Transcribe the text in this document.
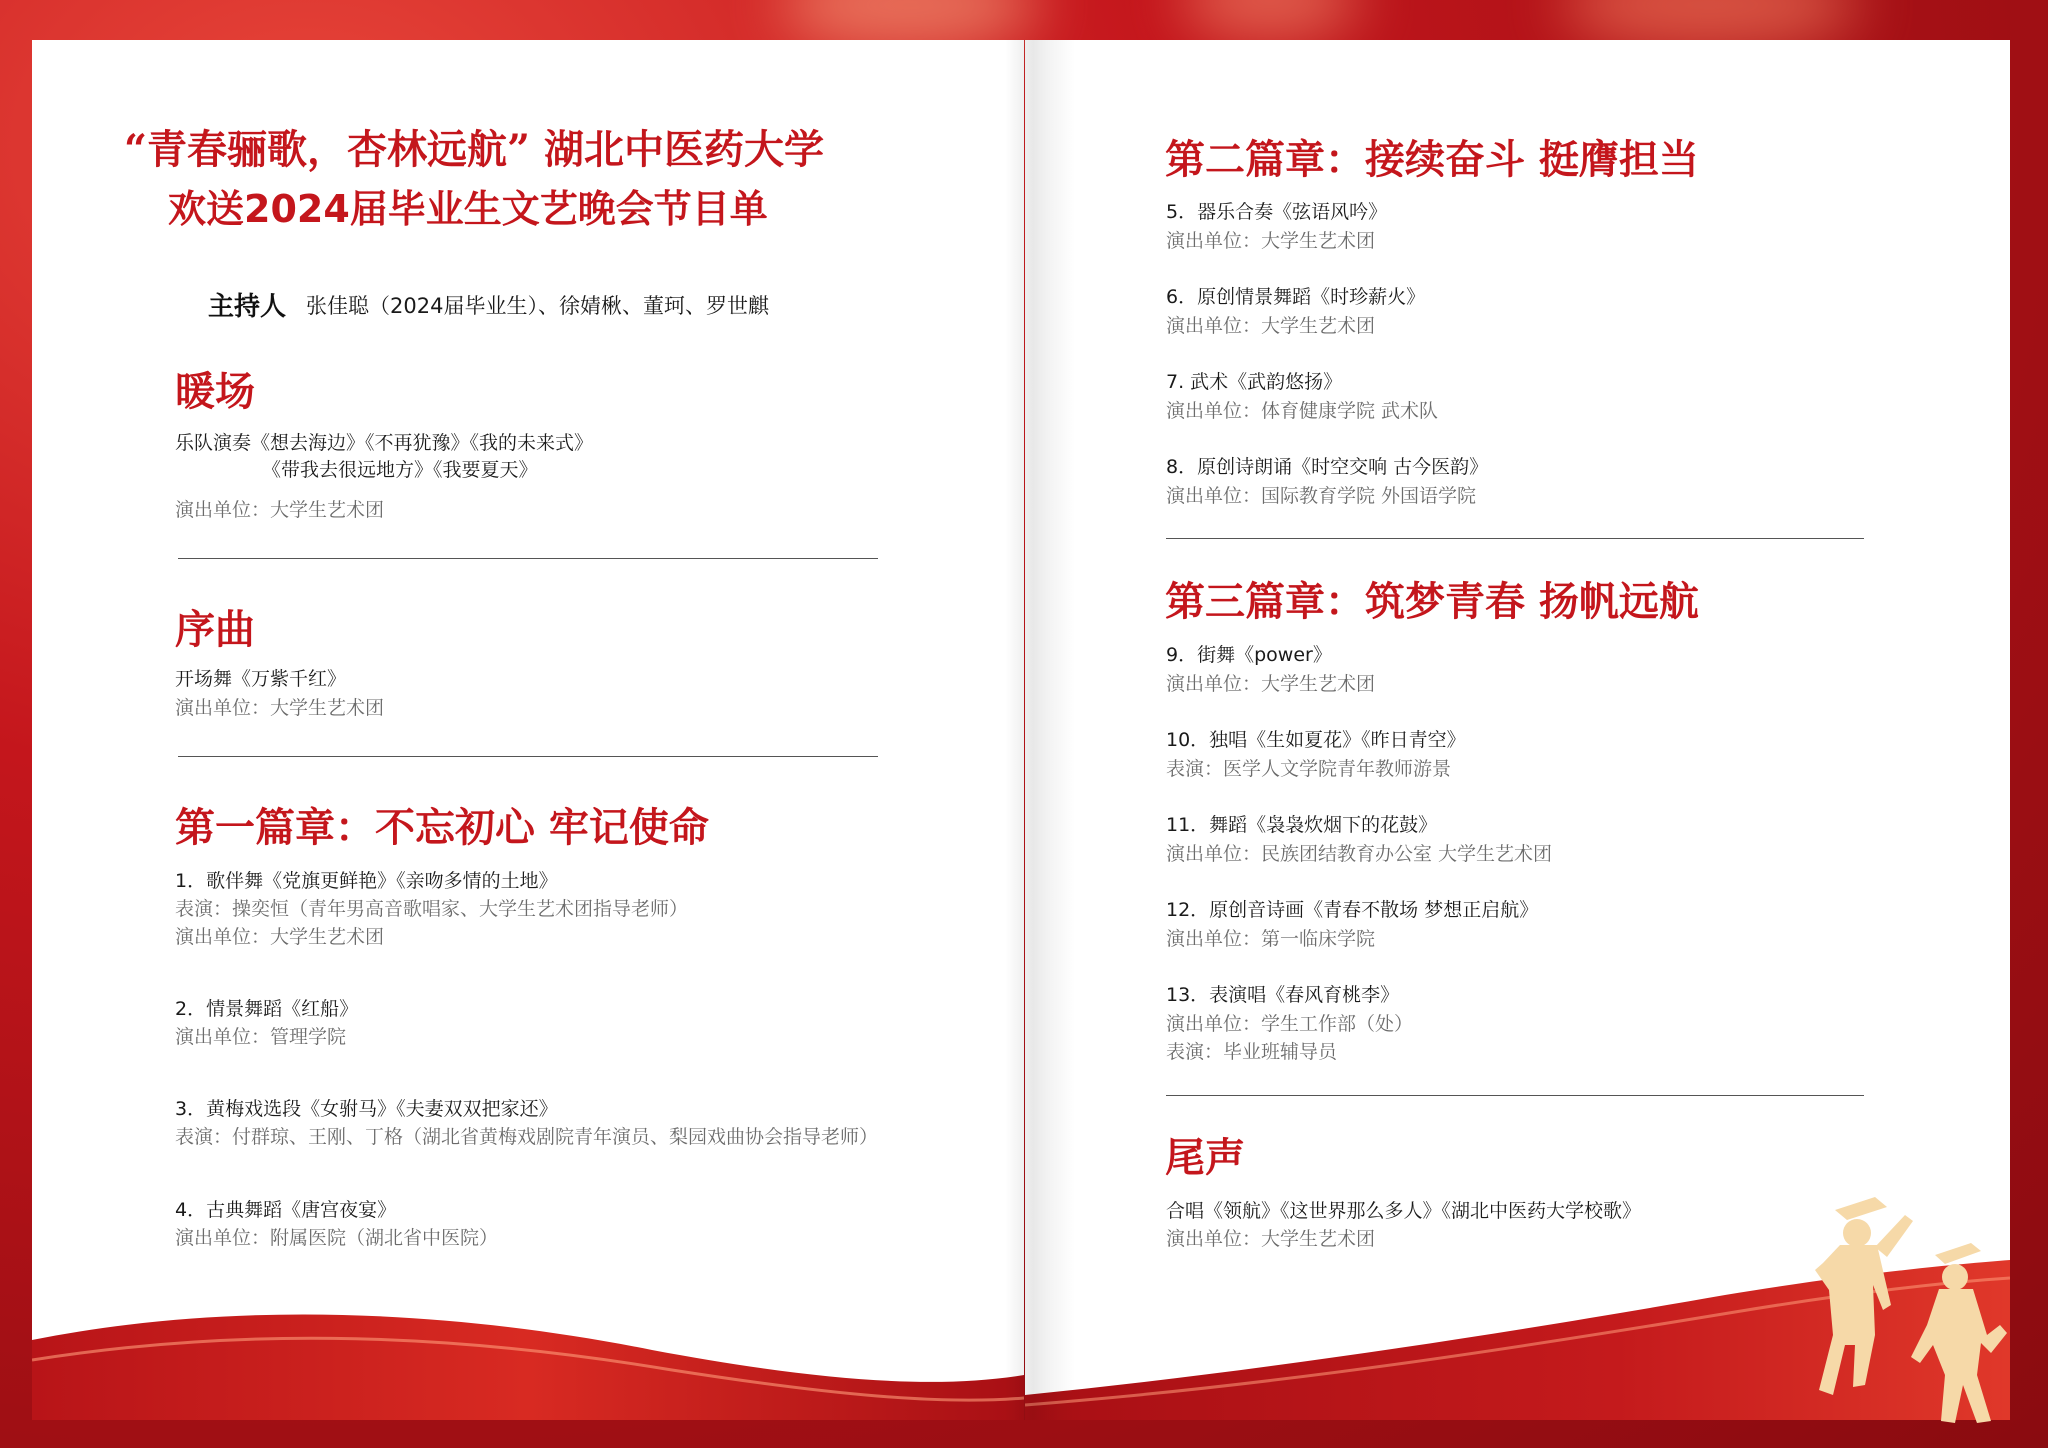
“青春骊歌，杏林远航” 湖北中医药大学
欢送2024届毕业生文艺晚会节目单
主持人 张佳聪（2024届毕业生）、徐婧楸、董珂、罗世麒
暖场
乐队演奏《想去海边》《不再犹豫》《我的未来式》
《带我去很远地方》《我要夏天》
演出单位：大学生艺术团
序曲
开场舞《万紫千红》
演出单位：大学生艺术团
第一篇章：不忘初心 牢记使命
1．歌伴舞《党旗更鲜艳》《亲吻多情的土地》
表演：操奕恒（青年男高音歌唱家、大学生艺术团指导老师）
演出单位：大学生艺术团
2．情景舞蹈《红船》
演出单位：管理学院
3．黄梅戏选段《女驸马》《夫妻双双把家还》
表演：付群琼、王刚、丁格（湖北省黄梅戏剧院青年演员、梨园戏曲协会指导老师）
4．古典舞蹈《唐宫夜宴》
演出单位：附属医院（湖北省中医院）
第二篇章：接续奋斗 挺膺担当
5．器乐合奏《弦语风吟》
演出单位：大学生艺术团
6．原创情景舞蹈《时珍薪火》
演出单位：大学生艺术团
7. 武术《武韵悠扬》
演出单位：体育健康学院 武术队
8．原创诗朗诵《时空交响 古今医韵》
演出单位：国际教育学院 外国语学院
第三篇章：筑梦青春 扬帆远航
9．街舞《power》
演出单位：大学生艺术团
10．独唱《生如夏花》《昨日青空》
表演：医学人文学院青年教师游景
11．舞蹈《袅袅炊烟下的花鼓》
演出单位：民族团结教育办公室 大学生艺术团
12．原创音诗画《青春不散场 梦想正启航》
演出单位：第一临床学院
13．表演唱《春风育桃李》
演出单位：学生工作部（处）
表演：毕业班辅导员
尾声
合唱《领航》《这世界那么多人》《湖北中医药大学校歌》
演出单位：大学生艺术团
